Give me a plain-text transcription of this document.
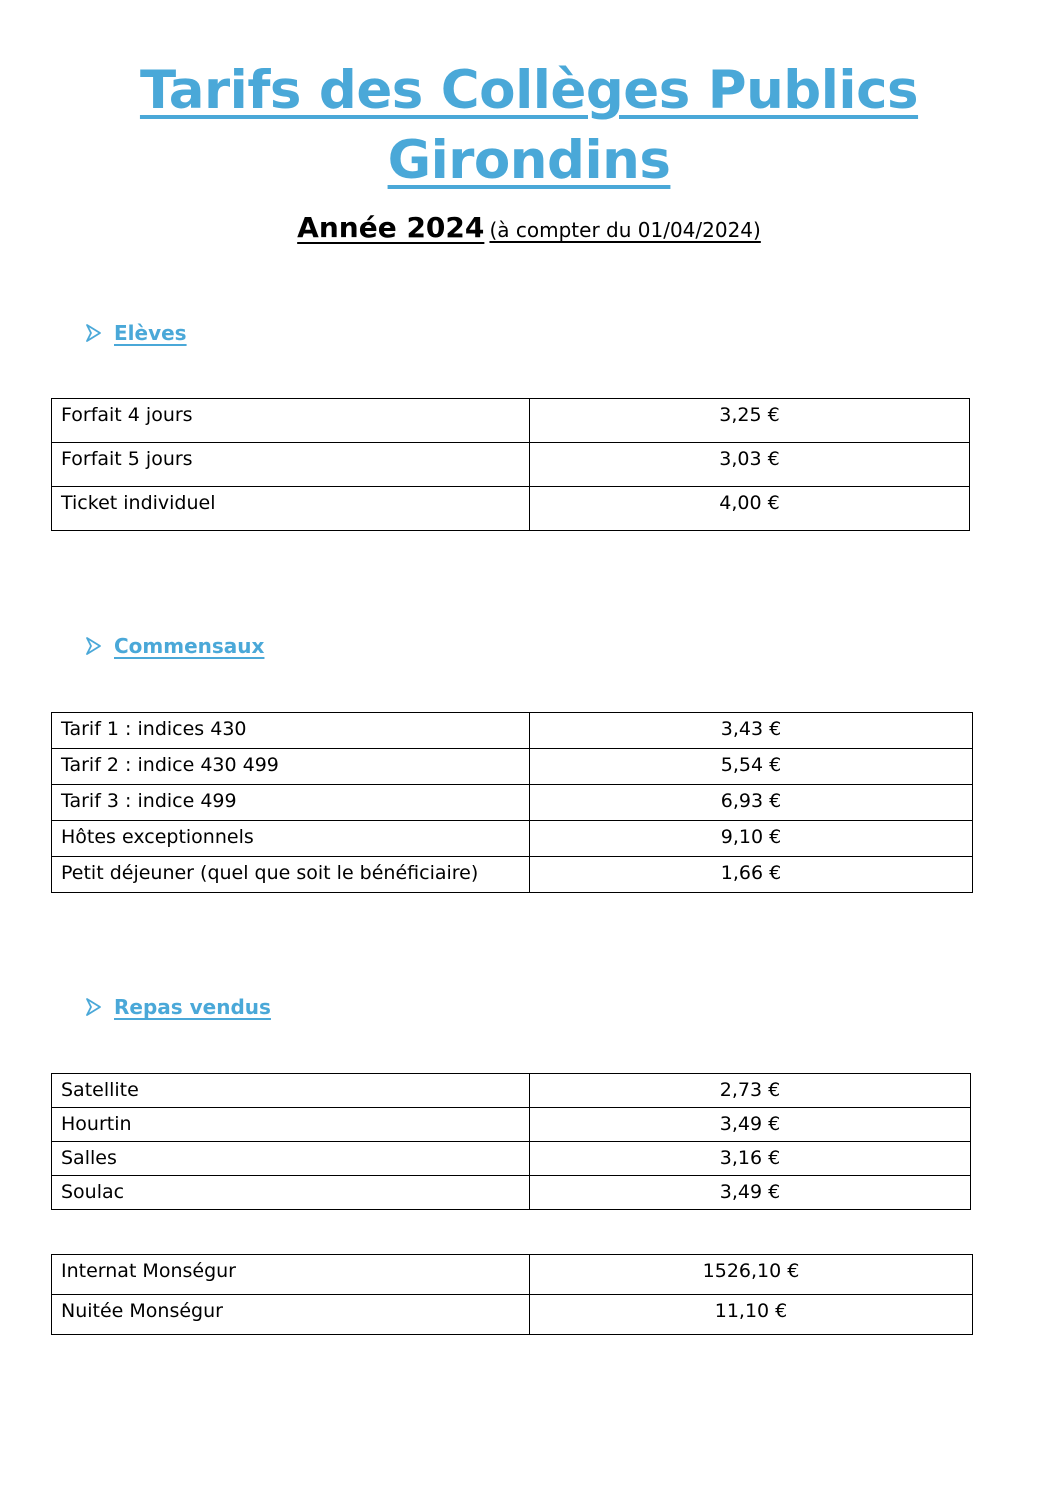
Tarifs des Collèges Publics Girondins
Année 2024 (à compter du 01/04/2024)
Elèves
Forfait 4 jours	3,25 €
Forfait 5 jours	3,03 €
Ticket individuel	4,00 €
Commensaux
Tarif 1 : indices 430	3,43 €
Tarif 2 : indice 430 499	5,54 €
Tarif 3 : indice 499	6,93 €
Hôtes exceptionnels	9,10 €
Petit déjeuner (quel que soit le bénéficiaire)	1,66 €
Repas vendus
Satellite	2,73 €
Hourtin	3,49 €
Salles	3,16 €
Soulac	3,49 €
Internat Monségur	1526,10 €
Nuitée Monségur	11,10 €
